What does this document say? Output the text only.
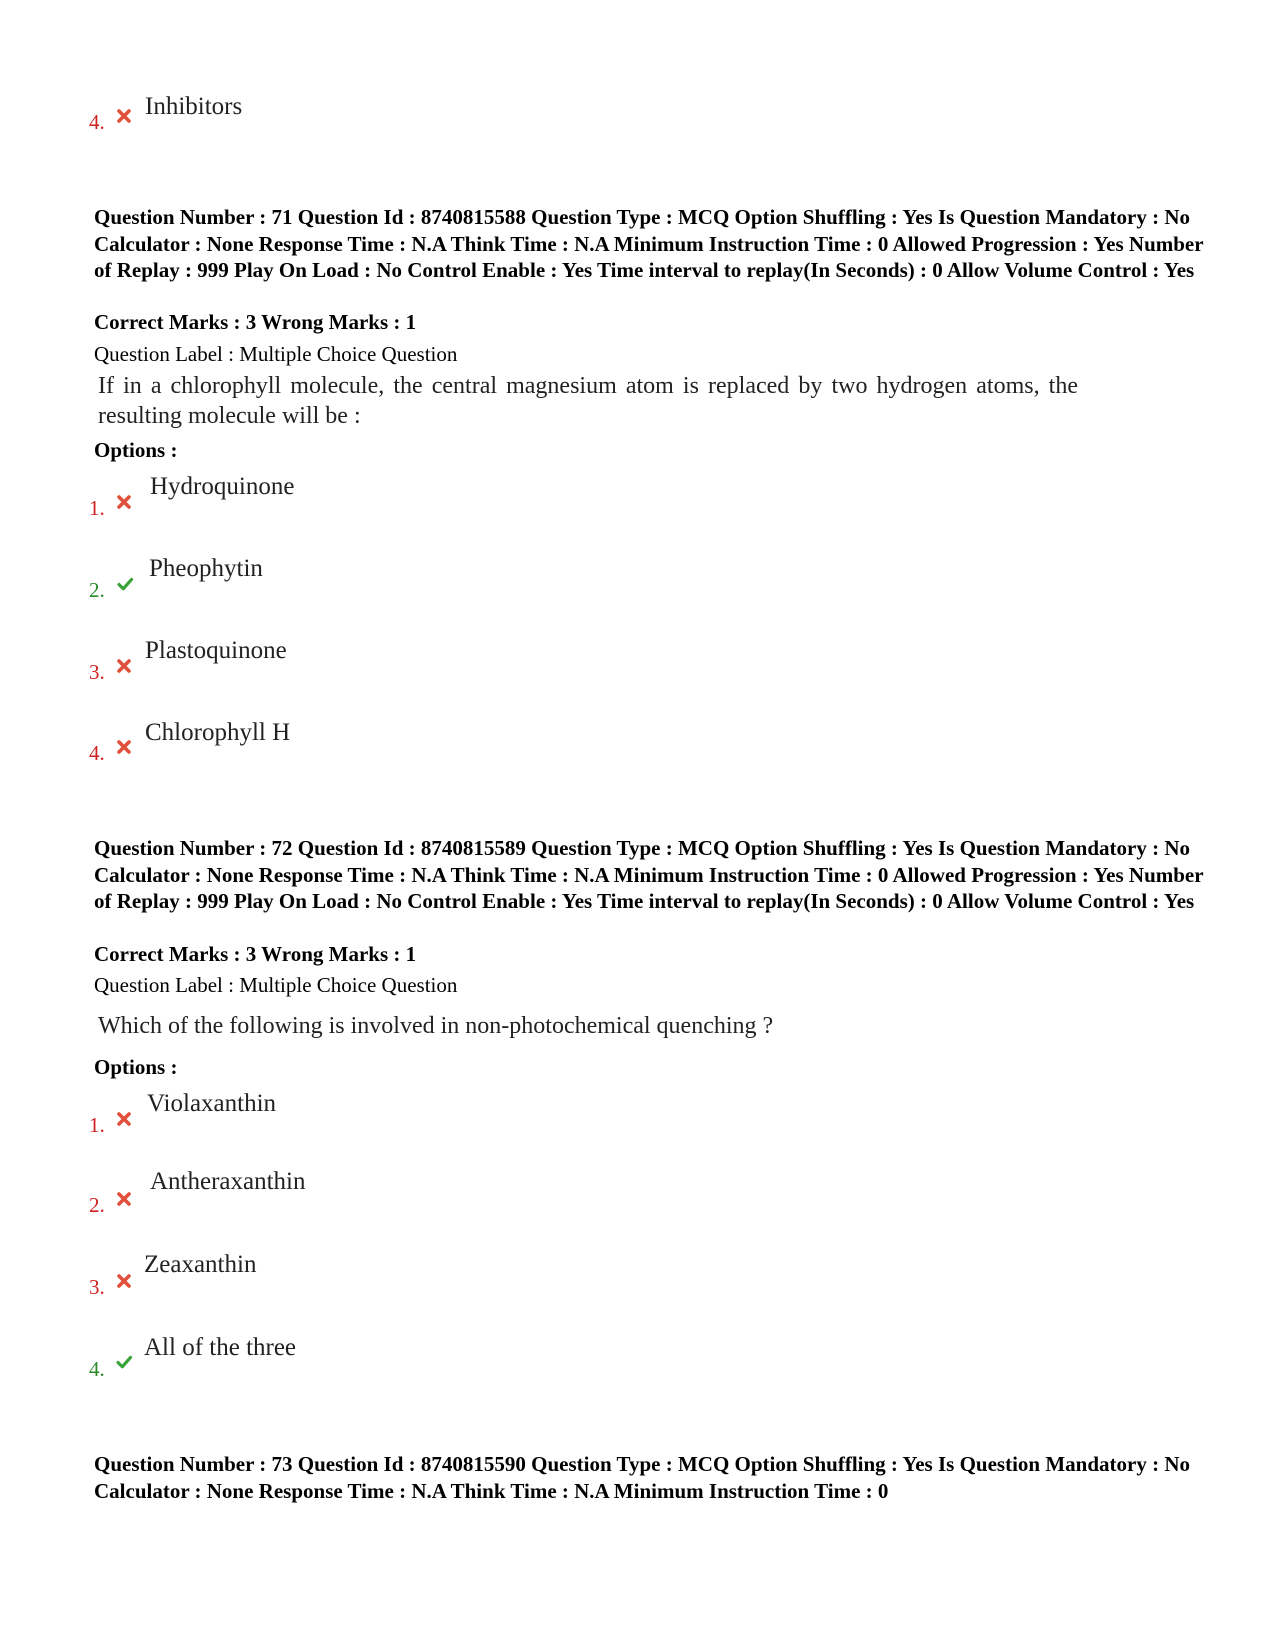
4.
Inhibitors
Question Number : 71 Question Id : 8740815588 Question Type : MCQ Option Shuffling : Yes Is Question Mandatory : No Calculator : None Response Time : N.A Think Time : N.A Minimum Instruction Time : 0 Allowed Progression : Yes Number of Replay : 999 Play On Load : No Control Enable : Yes Time interval to replay(In Seconds) : 0 Allow Volume Control : Yes
Correct Marks : 3 Wrong Marks : 1
Question Label : Multiple Choice Question
If in a chlorophyll molecule, the central magnesium atom is replaced by two hydrogen atoms, the resulting molecule will be :
Options :
1.
Hydroquinone
2.
Pheophytin
3.
Plastoquinone
4.
Chlorophyll H
Question Number : 72 Question Id : 8740815589 Question Type : MCQ Option Shuffling : Yes Is Question Mandatory : No Calculator : None Response Time : N.A Think Time : N.A Minimum Instruction Time : 0 Allowed Progression : Yes Number of Replay : 999 Play On Load : No Control Enable : Yes Time interval to replay(In Seconds) : 0 Allow Volume Control : Yes
Correct Marks : 3 Wrong Marks : 1
Question Label : Multiple Choice Question
Which of the following is involved in non-photochemical quenching ?
Options :
1.
Violaxanthin
2.
Antheraxanthin
3.
Zeaxanthin
4.
All of the three
Question Number : 73 Question Id : 8740815590 Question Type : MCQ Option Shuffling : Yes Is Question Mandatory : No Calculator : None Response Time : N.A Think Time : N.A Minimum Instruction Time : 0
